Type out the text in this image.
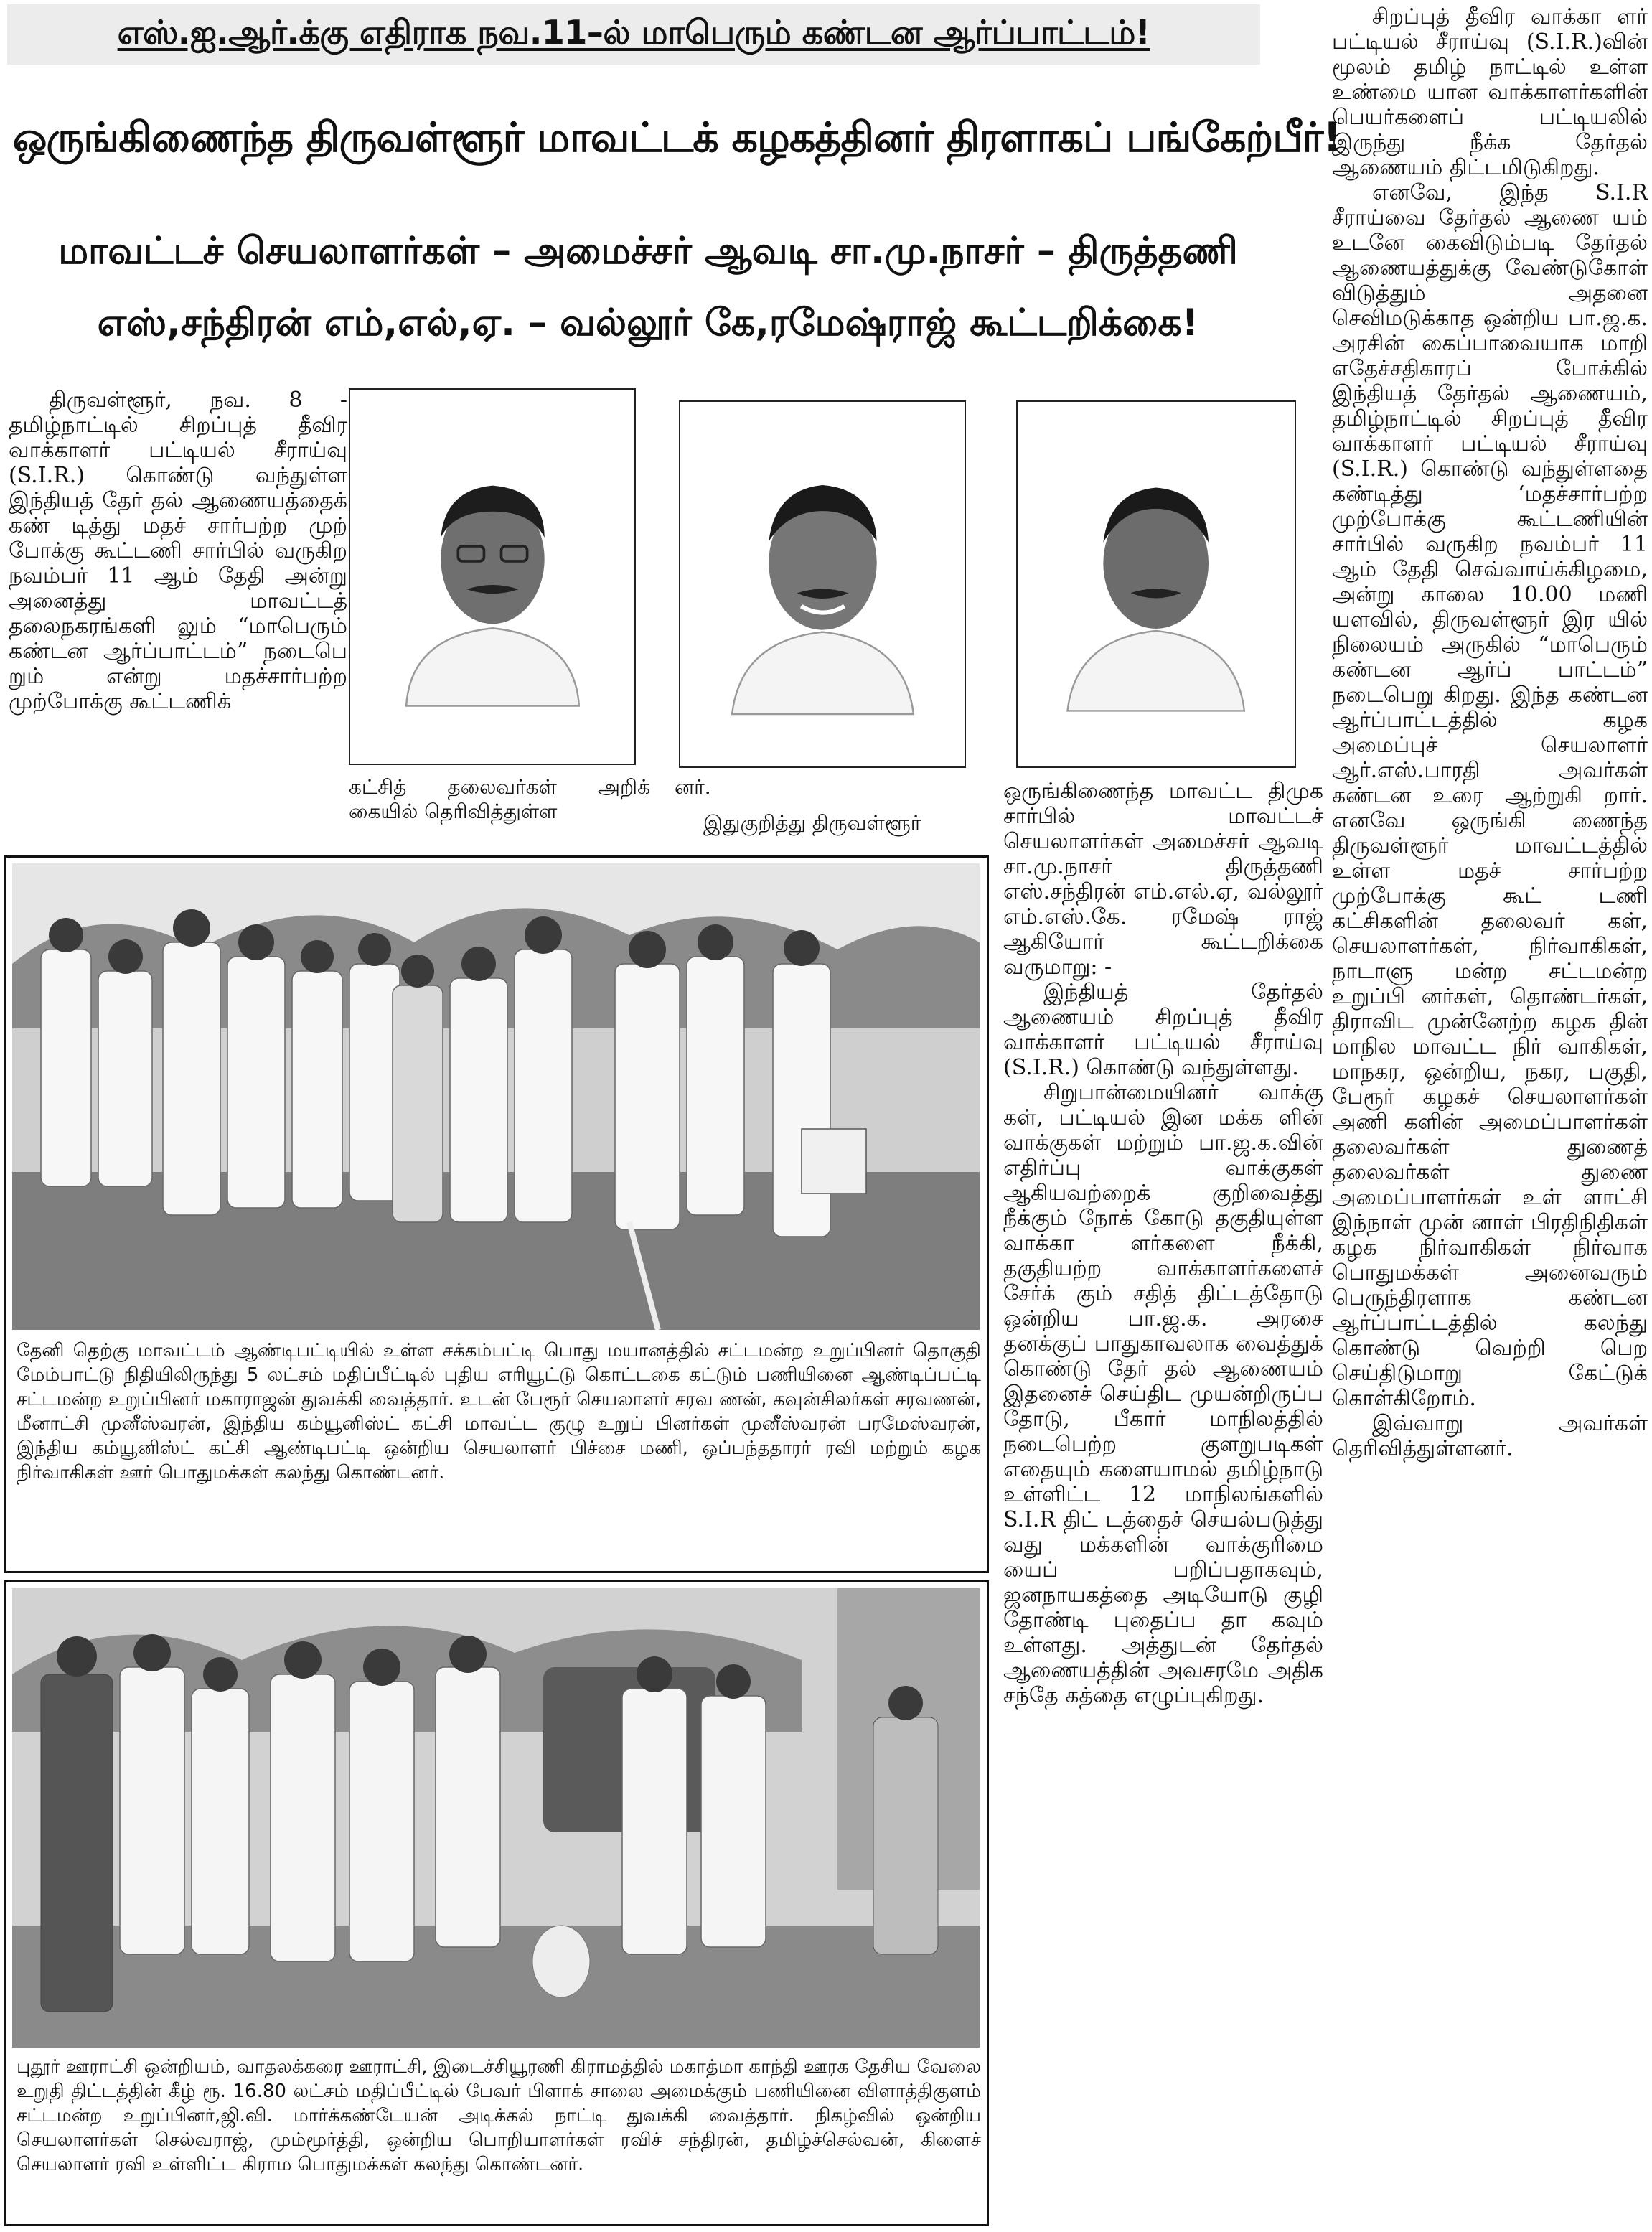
எஸ்.ஐ.ஆர்.க்கு எதிராக நவ.11–ல் மாபெரும் கண்டன ஆர்ப்பாட்டம்!
ஒருங்கிணைந்த திருவள்ளூர் மாவட்டக் கழகத்தினர் திரளாகப் பங்கேற்பீர்!
மாவட்டச் செயலாளர்கள் – அமைச்சர் ஆவடி சா.மு.நாசர் – திருத்தணி
எஸ்,சந்திரன் எம்,எல்,ஏ. – வல்லூர் கே,ரமேஷ்ராஜ் கூட்டறிக்கை!

திருவள்ளூர், நவ. 8 - தமிழ்நாட்டில் சிறப்புத் தீவிர வாக்காளர் பட்டியல் சீராய்வு (S.I.R.) கொண்டு வந்துள்ள இந்தியத் தேர் தல் ஆணையத்தைக் கண் டித்து மதச் சார்பற்ற முற் போக்கு கூட்டணி சார்பில் வருகிற நவம்பர் 11 ஆம் தேதி அன்று அனைத்து மாவட்டத் தலைநகரங்களி லும் “மாபெரும் கண்டன ஆர்ப்பாட்டம்” நடைபெ றும் என்று மதச்சார்பற்ற முற்போக்கு கூட்டணிக்

கட்சித் தலைவர்கள் அறிக் கையில் தெரிவித்துள்ள
னர்.
இதுகுறித்து திருவள்ளூர்

ஒருங்கிணைந்த மாவட்ட திமுக சார்பில் மாவட்டச் செயலாளர்கள் அமைச்சர் ஆவடி சா.மு.நாசர் திருத்தணி எஸ்.சந்திரன் எம்.எல்.ஏ, வல்லூர் எம்.எஸ்.கே. ரமேஷ் ராஜ் ஆகியோர் கூட்டறிக்கை வருமாறு: -

இந்தியத் தேர்தல் ஆணையம் சிறப்புத் தீவிர வாக்காளர் பட்டியல் சீராய்வு (S.I.R.) கொண்டு வந்துள்ளது.

சிறுபான்மையினர் வாக்கு கள், பட்டியல் இன மக்க ளின் வாக்குகள் மற்றும் பா.ஜ.க.வின் எதிர்ப்பு வாக்குகள் ஆகியவற்றைக் குறிவைத்து நீக்கும் நோக் கோடு தகுதியுள்ள வாக்கா ளர்களை நீக்கி, தகுதியற்ற வாக்காளர்களைச் சேர்க் கும் சதித் திட்டத்தோடு ஒன்றிய பா.ஜ.க. அரசை தனக்குப் பாதுகாவலாக வைத்துக் கொண்டு தேர் தல் ஆணையம் இதனைச் செய்திட முயன்றிருப்ப தோடு, பீகார் மாநிலத்தில் நடைபெற்ற குளறுபடிகள் எதையும் களையாமல் தமிழ்நாடு உள்ளிட்ட 12 மாநிலங்களில் S.I.R திட் டத்தைச் செயல்படுத்து வது மக்களின் வாக்குரிமை யைப் பறிப்பதாகவும், ஜனநாயகத்தை அடியோடு குழி தோண்டி புதைப்ப தா கவும் உள்ளது. அத்துடன் தேர்தல் ஆணையத்தின் அவசரமே அதிக சந்தே கத்தை எழுப்புகிறது.

சிறப்புத் தீவிர வாக்கா ளர் பட்டியல் சீராய்வு (S.I.R.)வின் மூலம் தமிழ் நாட்டில் உள்ள உண்மை யான வாக்காளர்களின் பெயர்களைப் பட்டியலில் இருந்து நீக்க தேர்தல் ஆணையம் திட்டமிடுகிறது.

எனவே, இந்த S.I.R சீராய்வை தேர்தல் ஆணை யம் உடனே கைவிடும்படி தேர்தல் ஆணையத்துக்கு வேண்டுகோள் விடுத்தும் அதனை செவிமடுக்காத ஒன்றிய பா.ஜ.க. அரசின் கைப்பாவையாக மாறி எதேச்சதிகாரப் போக்கில் இந்தியத் தேர்தல் ஆணையம், தமிழ்நாட்டில் சிறப்புத் தீவிர வாக்காளர் பட்டியல் சீராய்வு (S.I.R.) கொண்டு வந்துள்ளதை கண்டித்து ‘மதச்சார்பற்ற முற்போக்கு கூட்டணியின் சார்பில் வருகிற நவம்பர் 11 ஆம் தேதி செவ்வாய்க்கிழமை, அன்று காலை 10.00 மணி யளவில், திருவள்ளூர் இர யில் நிலையம் அருகில் “மாபெரும் கண்டன ஆர்ப் பாட்டம்” நடைபெறு கிறது. இந்த கண்டன ஆர்ப்பாட்டத்தில் கழக அமைப்புச் செயலாளர் ஆர்.எஸ்.பாரதி அவர்கள் கண்டன உரை ஆற்றுகி றார். எனவே ஒருங்கி ணைந்த திருவள்ளூர் மாவட்டத்தில் உள்ள மதச் சார்பற்ற முற்போக்கு கூட் டணி கட்சிகளின் தலைவர் கள், செயலாளர்கள், நிர்வாகிகள், நாடாளு மன்ற சட்டமன்ற உறுப்பி னர்கள், தொண்டர்கள், திராவிட முன்னேற்ற கழக தின் மாநில மாவட்ட நிர் வாகிகள், மாநகர, ஒன்றிய, நகர, பகுதி, பேரூர் கழகச் செயலாளர்கள் அணி களின் அமைப்பாளர்கள் தலைவர்கள் துணைத் தலைவர்கள் துணை அமைப்பாளர்கள் உள் ளாட்சி இந்நாள் முன் னாள் பிரதிநிதிகள் கழக நிர்வாகிகள் நிர்வாக பொதுமக்கள் அனைவரும் பெருந்திரளாக கண்டன ஆர்ப்பாட்டத்தில் கலந்து கொண்டு வெற்றி பெற செய்திடுமாறு கேட்டுக் கொள்கிறோம்.

இவ்வாறு அவர்கள் தெரிவித்துள்ளனர்.

தேனி தெற்கு மாவட்டம் ஆண்டிபட்டியில் உள்ள சக்கம்பட்டி பொது மயானத்தில் சட்டமன்ற உறுப்பினர் தொகுதி மேம்பாட்டு நிதியிலிருந்து 5 லட்சம் மதிப்பீட்டில் புதிய எரியூட்டு கொட்டகை கட்டும் பணியினை ஆண்டிப்பட்டி சட்டமன்ற உறுப்பினர் மகாராஜன் துவக்கி வைத்தார். உடன் பேரூர் செயலாளர் சரவ ணன், கவுன்சிலர்கள் சரவணன், மீனாட்சி முனீஸ்வரன், இந்திய கம்யூனிஸ்ட் கட்சி மாவட்ட குழு உறுப் பினர்கள் முனீஸ்வரன் பரமேஸ்வரன், இந்திய கம்யூனிஸ்ட் கட்சி ஆண்டிபட்டி ஒன்றிய செயலாளர் பிச்சை மணி, ஒப்பந்ததாரர் ரவி மற்றும் கழக நிர்வாகிகள் ஊர் பொதுமக்கள் கலந்து கொண்டனர்.
புதூர் ஊராட்சி ஒன்றியம், வாதலக்கரை ஊராட்சி, இடைச்சியூரணி கிராமத்தில் மகாத்மா காந்தி ஊரக தேசிய வேலை உறுதி திட்டத்தின் கீழ் ரூ. 16.80 லட்சம் மதிப்பீட்டில் பேவர் பிளாக் சாலை அமைக்கும் பணியினை விளாத்திகுளம் சட்டமன்ற உறுப்பினர்,ஜி.வி. மார்க்கண்டேயன் அடிக்கல் நாட்டி துவக்கி வைத்தார். நிகழ்வில் ஒன்றிய செயலாளர்கள் செல்வராஜ், மும்மூர்த்தி, ஒன்றிய பொறியாளர்கள் ரவிச் சந்திரன், தமிழ்ச்செல்வன், கிளைச் செயலாளர் ரவி உள்ளிட்ட கிராம பொதுமக்கள் கலந்து கொண்டனர்.
